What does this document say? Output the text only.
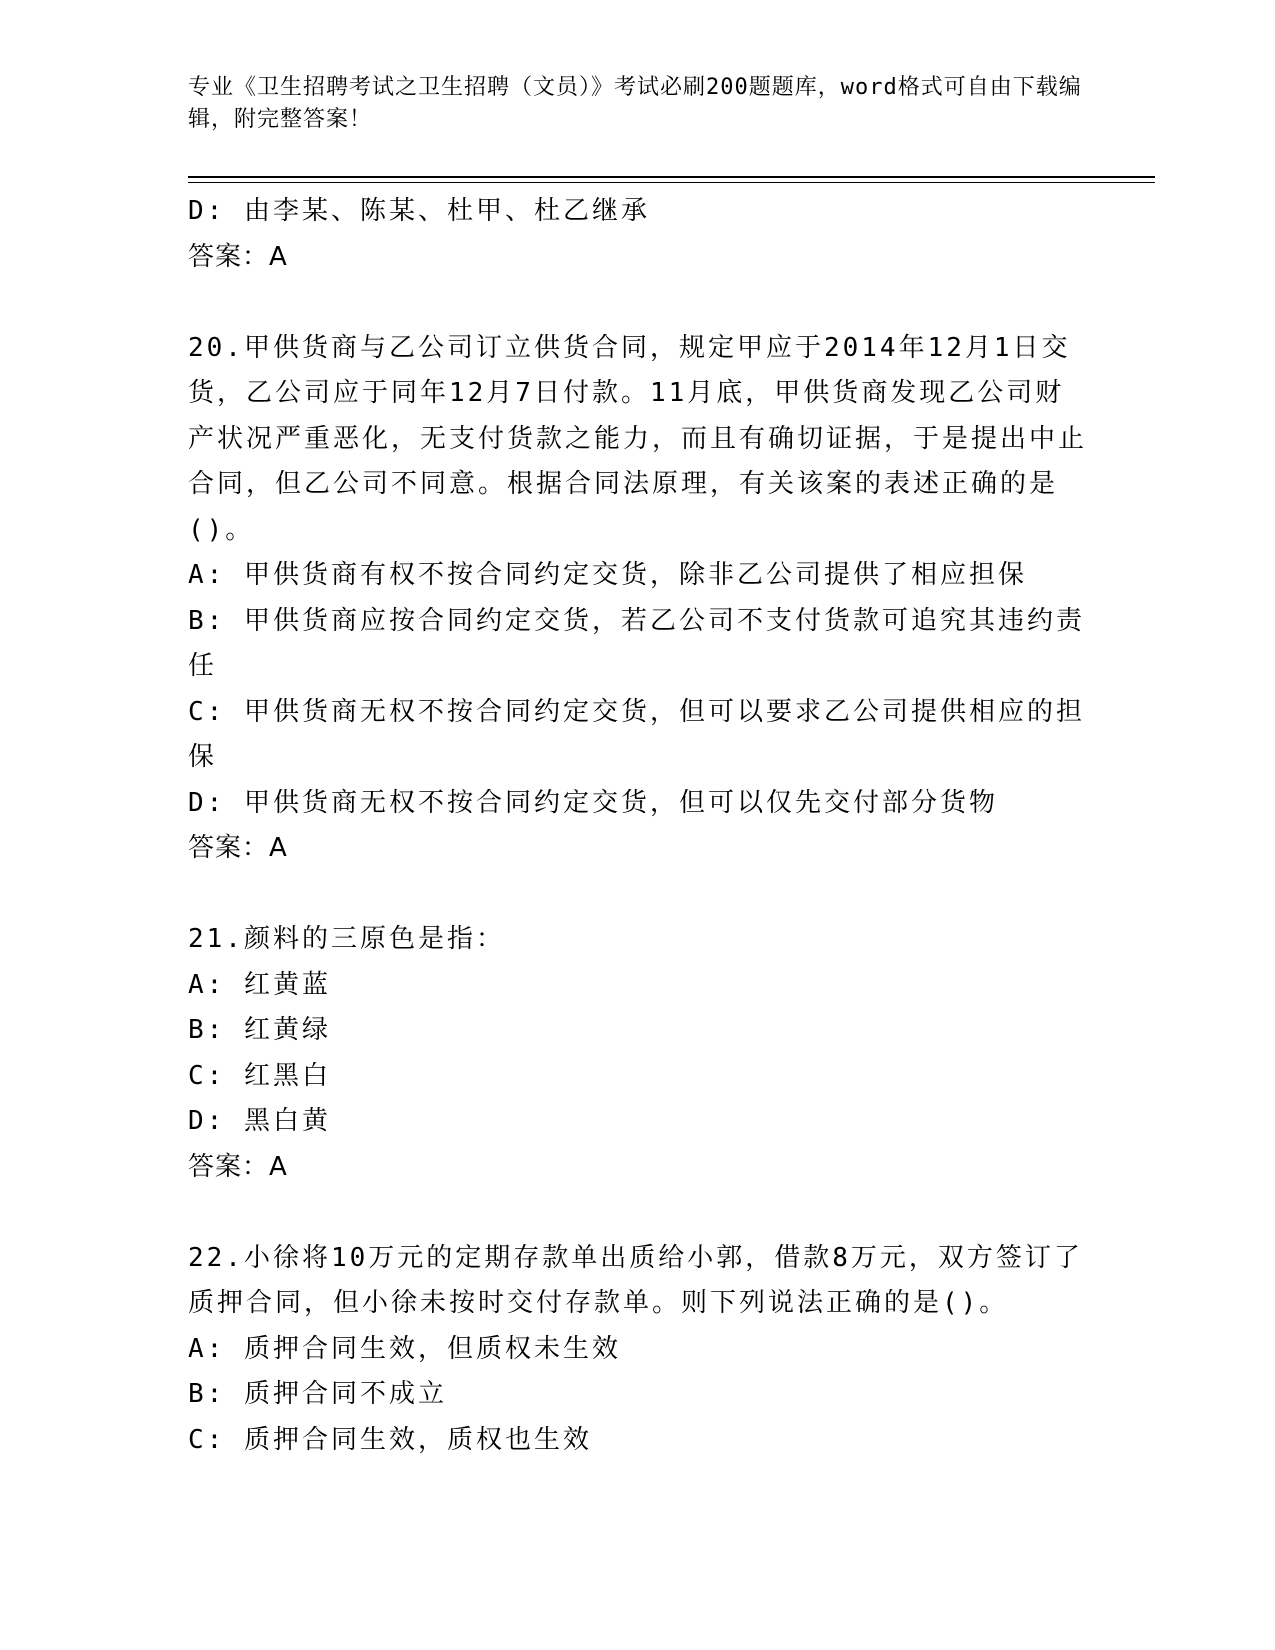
专业《卫生招聘考试之卫生招聘（文员）》考试必刷200题题库，word格式可自由下载编辑，附完整答案！
D: 由李某、陈某、杜甲、杜乙继承
答案：A
20.甲供货商与乙公司订立供货合同，规定甲应于2014年12月1日交货，乙公司应于同年12月7日付款。11月底，甲供货商发现乙公司财产状况严重恶化，无支付货款之能力，而且有确切证据，于是提出中止合同，但乙公司不同意。根据合同法原理，有关该案的表述正确的是()。
A: 甲供货商有权不按合同约定交货，除非乙公司提供了相应担保
B: 甲供货商应按合同约定交货，若乙公司不支付货款可追究其违约责任
C: 甲供货商无权不按合同约定交货，但可以要求乙公司提供相应的担保
D: 甲供货商无权不按合同约定交货，但可以仅先交付部分货物
答案：A
21.颜料的三原色是指：
A: 红黄蓝
B: 红黄绿
C: 红黑白
D: 黑白黄
答案：A
22.小徐将10万元的定期存款单出质给小郭，借款8万元，双方签订了质押合同，但小徐未按时交付存款单。则下列说法正确的是()。
A: 质押合同生效，但质权未生效
B: 质押合同不成立
C: 质押合同生效，质权也生效
